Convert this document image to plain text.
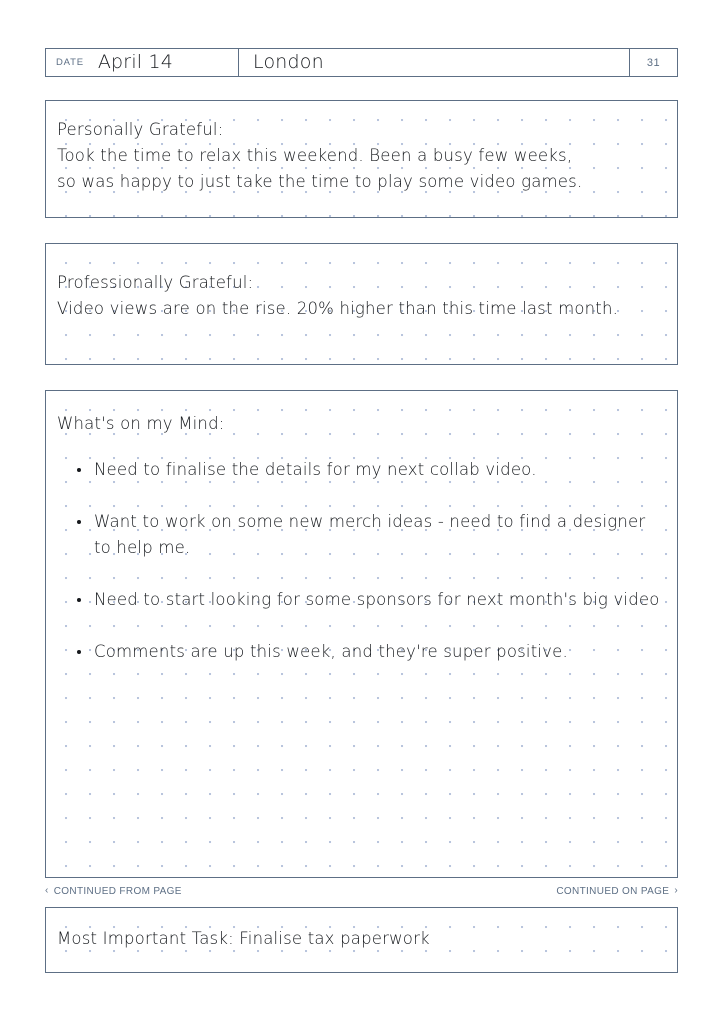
DATE April 14	London	31
Personally Grateful:
Took the time to relax this weekend. Been a busy few weeks,
so was happy to just take the time to play some video games.
Professionally Grateful:
Video views are on the rise. 20% higher than this time last month.
What's on my Mind:
Need to finalise the details for my next collab video.
Want to work on some new merch ideas - need to find a designer to help me.
Need to start looking for some sponsors for next month's big video
Comments are up this week, and they're super positive.
‹ CONTINUED FROM PAGE	CONTINUED ON PAGE ›
Most Important Task: Finalise tax paperwork
